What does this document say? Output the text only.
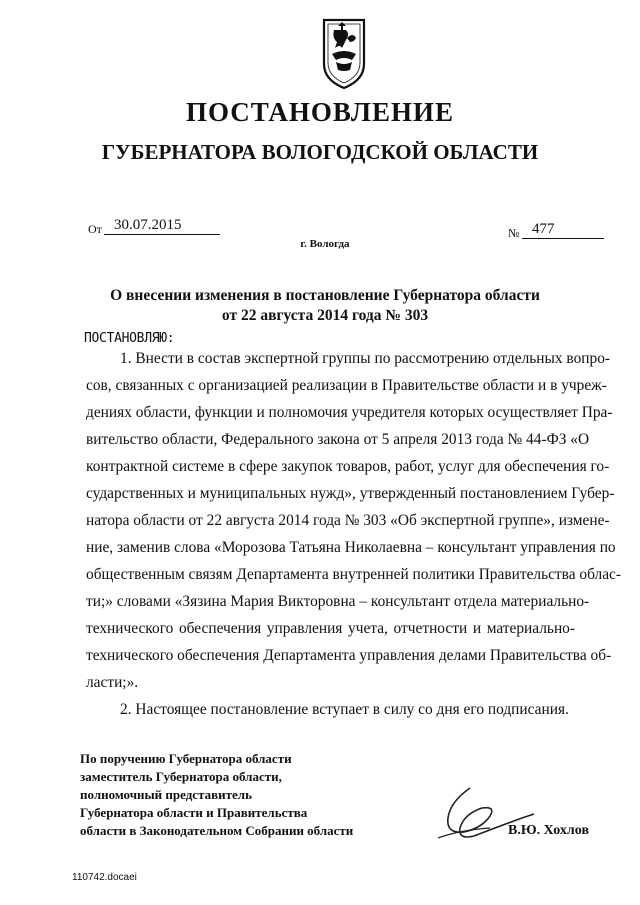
ПОСТАНОВЛЕНИЕ
ГУБЕРНАТОРА ВОЛОГОДСКОЙ ОБЛАСТИ
От 30.07.2015	№ 477
г. Вологда
О внесении изменения в постановление Губернатора области
от 22 августа 2014 года № 303
ПОСТАНОВЛЯЮ:
1. Внести в состав экспертной группы по рассмотрению отдельных вопро-
сов, связанных с организацией реализации в Правительстве области и в учреж-
дениях области, функции и полномочия учредителя которых осуществляет Пра-
вительство области, Федерального закона от 5 апреля 2013 года № 44-ФЗ «О
контрактной системе в сфере закупок товаров, работ, услуг для обеспечения го-
сударственных и муниципальных нужд», утвержденный постановлением Губер-
натора области от 22 августа 2014 года № 303 «Об экспертной группе», измене-
ние, заменив слова «Морозова Татьяна Николаевна – консультант управления по
общественным связям Департамента внутренней политики Правительства облас-
ти;» словами «Зязина Мария Викторовна – консультант отдела материально-
технического обеспечения управления учета, отчетности и материально-
технического обеспечения Департамента управления делами Правительства об-
ласти;».
2. Настоящее постановление вступает в силу со дня его подписания.
По поручению Губернатора области
заместитель Губернатора области,
полномочный представитель
Губернатора области и Правительства
области в Законодательном Собрании области	В.Ю. Хохлов
110742.docaei
